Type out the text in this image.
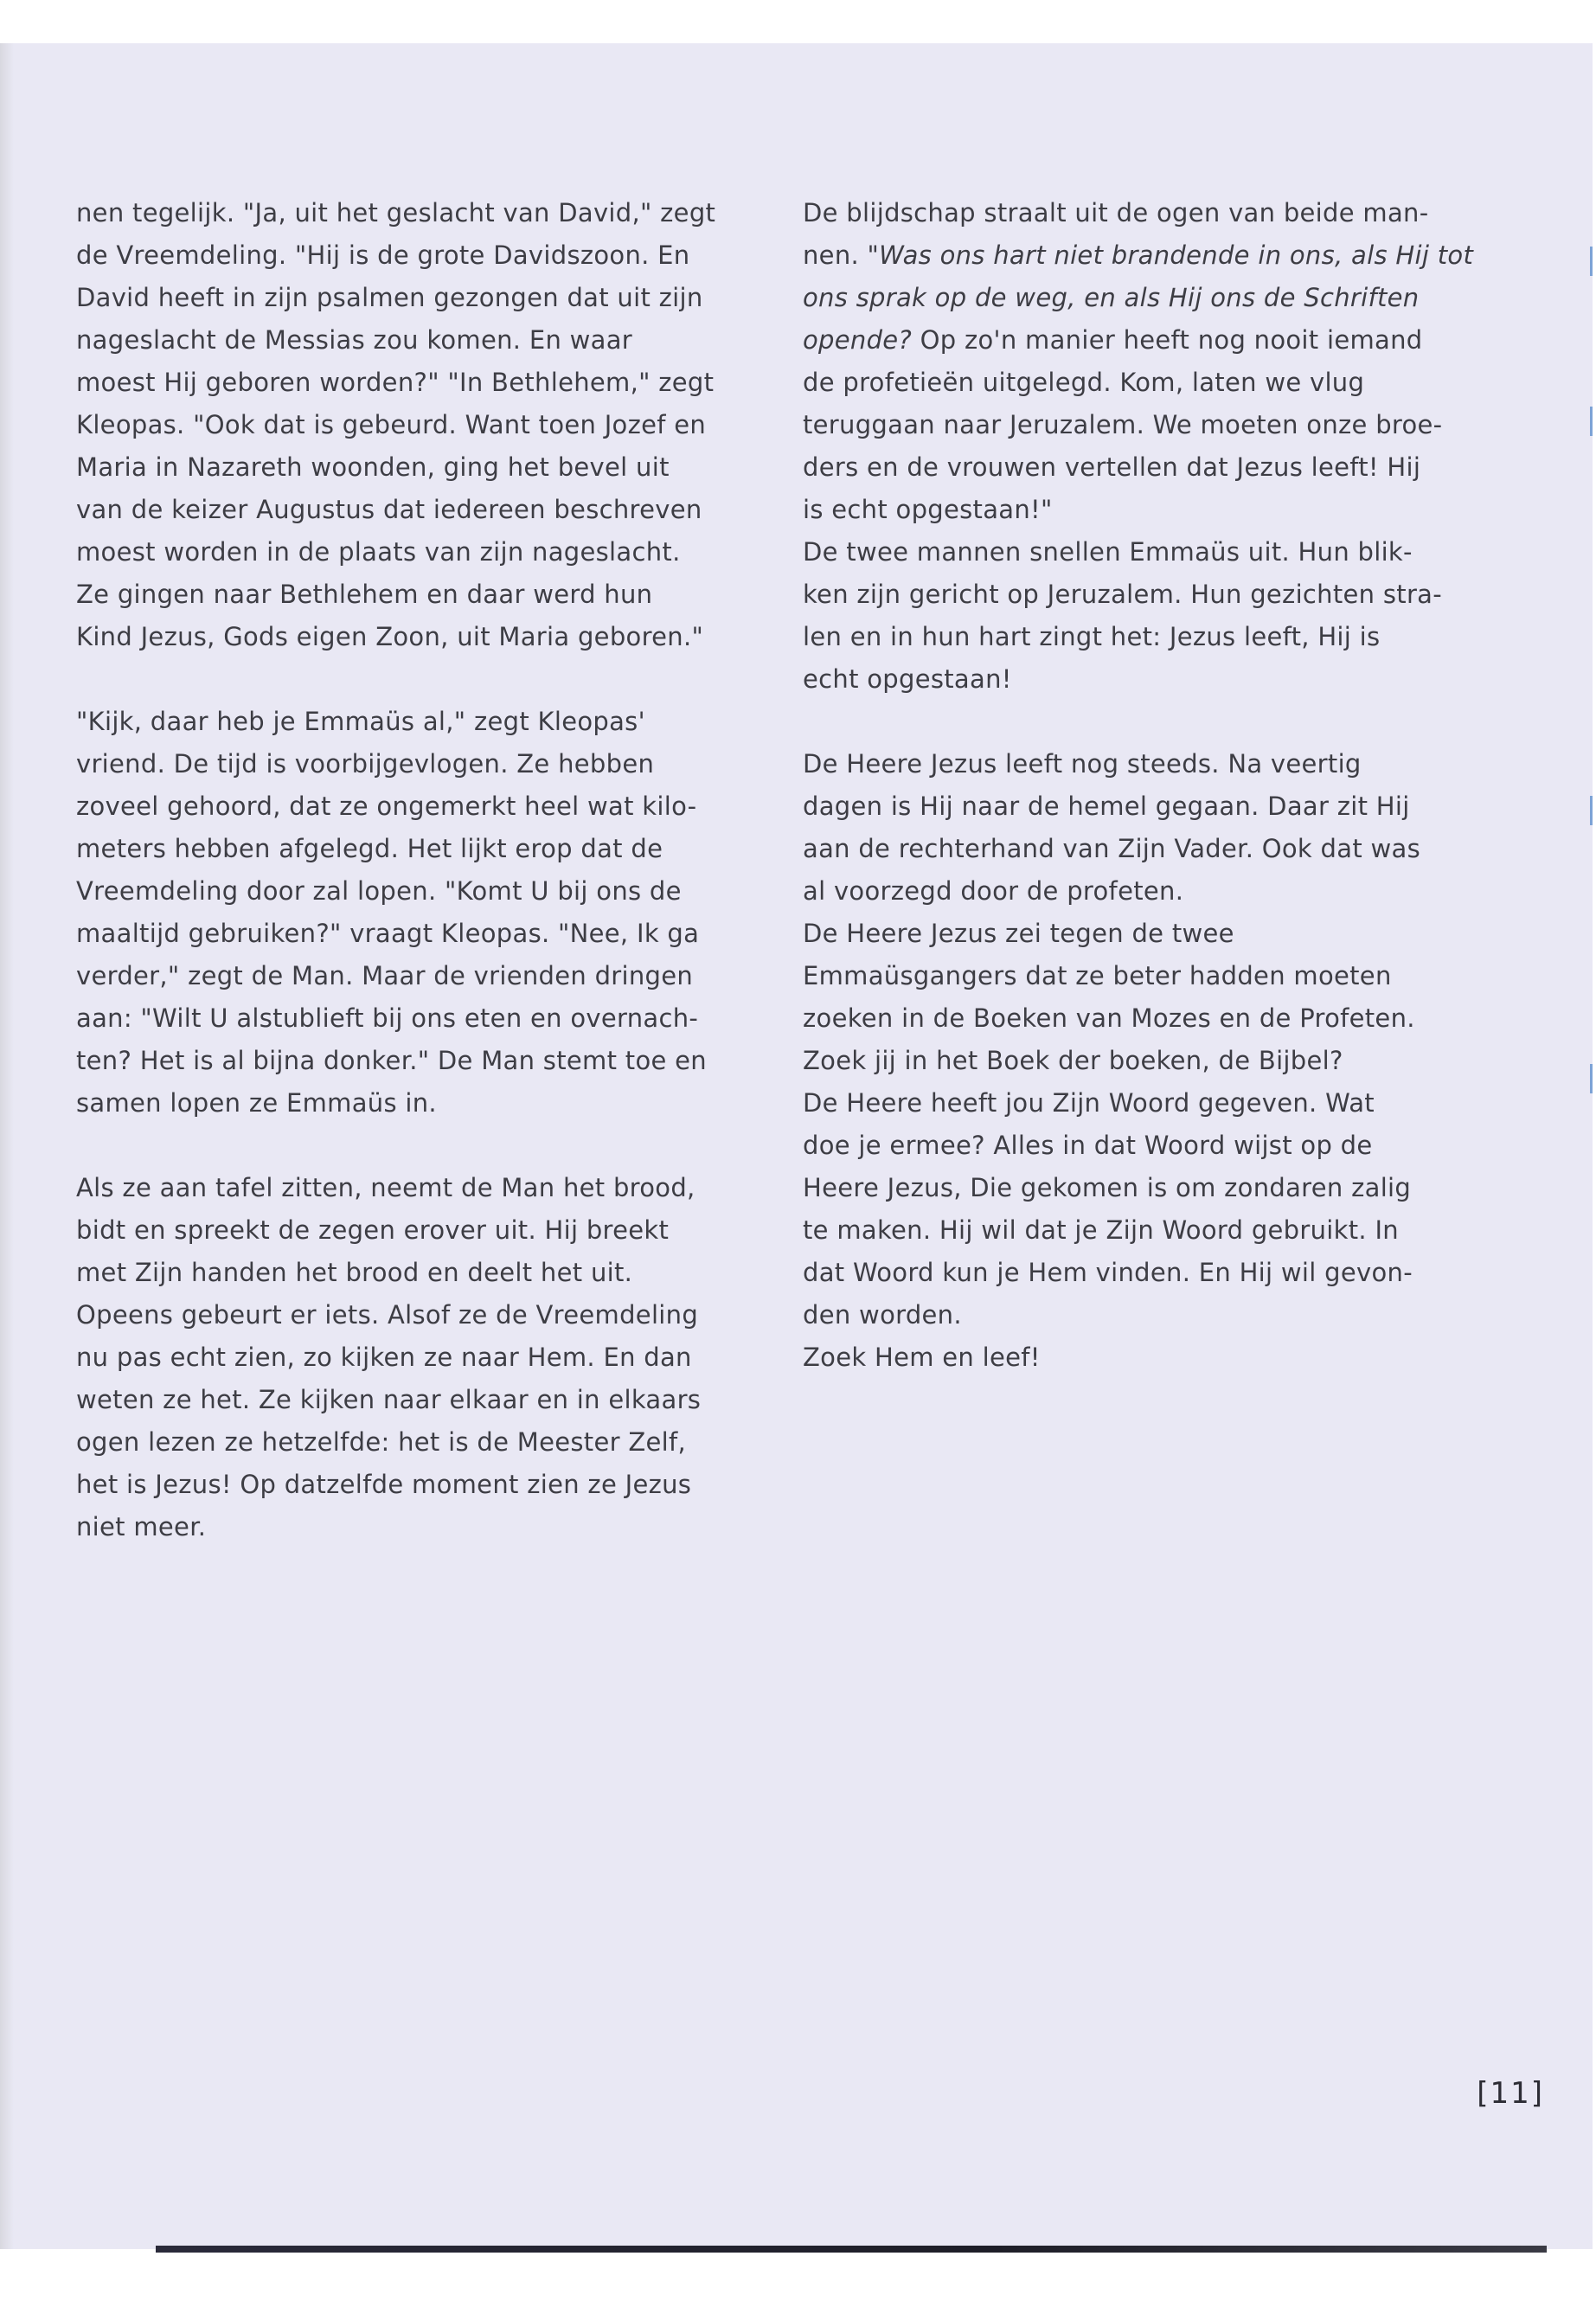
nen tegelijk. "Ja, uit het geslacht van David," zegt
de Vreemdeling. "Hij is de grote Davidszoon. En
David heeft in zijn psalmen gezongen dat uit zijn
nageslacht de Messias zou komen. En waar
moest Hij geboren worden?" "In Bethlehem," zegt
Kleopas. "Ook dat is gebeurd. Want toen Jozef en
Maria in Nazareth woonden, ging het bevel uit
van de keizer Augustus dat iedereen beschreven
moest worden in de plaats van zijn nageslacht.
Ze gingen naar Bethlehem en daar werd hun
Kind Jezus, Gods eigen Zoon, uit Maria geboren."

"Kijk, daar heb je Emmaüs al," zegt Kleopas'
vriend. De tijd is voorbijgevlogen. Ze hebben
zoveel gehoord, dat ze ongemerkt heel wat kilo-
meters hebben afgelegd. Het lijkt erop dat de
Vreemdeling door zal lopen. "Komt U bij ons de
maaltijd gebruiken?" vraagt Kleopas. "Nee, Ik ga
verder," zegt de Man. Maar de vrienden dringen
aan: "Wilt U alstublieft bij ons eten en overnach-
ten? Het is al bijna donker." De Man stemt toe en
samen lopen ze Emmaüs in.

Als ze aan tafel zitten, neemt de Man het brood,
bidt en spreekt de zegen erover uit. Hij breekt
met Zijn handen het brood en deelt het uit.
Opeens gebeurt er iets. Alsof ze de Vreemdeling
nu pas echt zien, zo kijken ze naar Hem. En dan
weten ze het. Ze kijken naar elkaar en in elkaars
ogen lezen ze hetzelfde: het is de Meester Zelf,
het is Jezus! Op datzelfde moment zien ze Jezus
niet meer.

De blijdschap straalt uit de ogen van beide man-
nen. "Was ons hart niet brandende in ons, als Hij tot
ons sprak op de weg, en als Hij ons de Schriften
opende? Op zo'n manier heeft nog nooit iemand
de profetieën uitgelegd. Kom, laten we vlug
teruggaan naar Jeruzalem. We moeten onze broe-
ders en de vrouwen vertellen dat Jezus leeft! Hij
is echt opgestaan!"

De twee mannen snellen Emmaüs uit. Hun blik-
ken zijn gericht op Jeruzalem. Hun gezichten stra-
len en in hun hart zingt het: Jezus leeft, Hij is
echt opgestaan!

De Heere Jezus leeft nog steeds. Na veertig
dagen is Hij naar de hemel gegaan. Daar zit Hij
aan de rechterhand van Zijn Vader. Ook dat was
al voorzegd door de profeten.

De Heere Jezus zei tegen de twee
Emmaüsgangers dat ze beter hadden moeten
zoeken in de Boeken van Mozes en de Profeten.
Zoek jij in het Boek der boeken, de Bijbel?

De Heere heeft jou Zijn Woord gegeven. Wat
doe je ermee? Alles in dat Woord wijst op de
Heere Jezus, Die gekomen is om zondaren zalig
te maken. Hij wil dat je Zijn Woord gebruikt. In
dat Woord kun je Hem vinden. En Hij wil gevon-
den worden.

Zoek Hem en leef!

[11]
